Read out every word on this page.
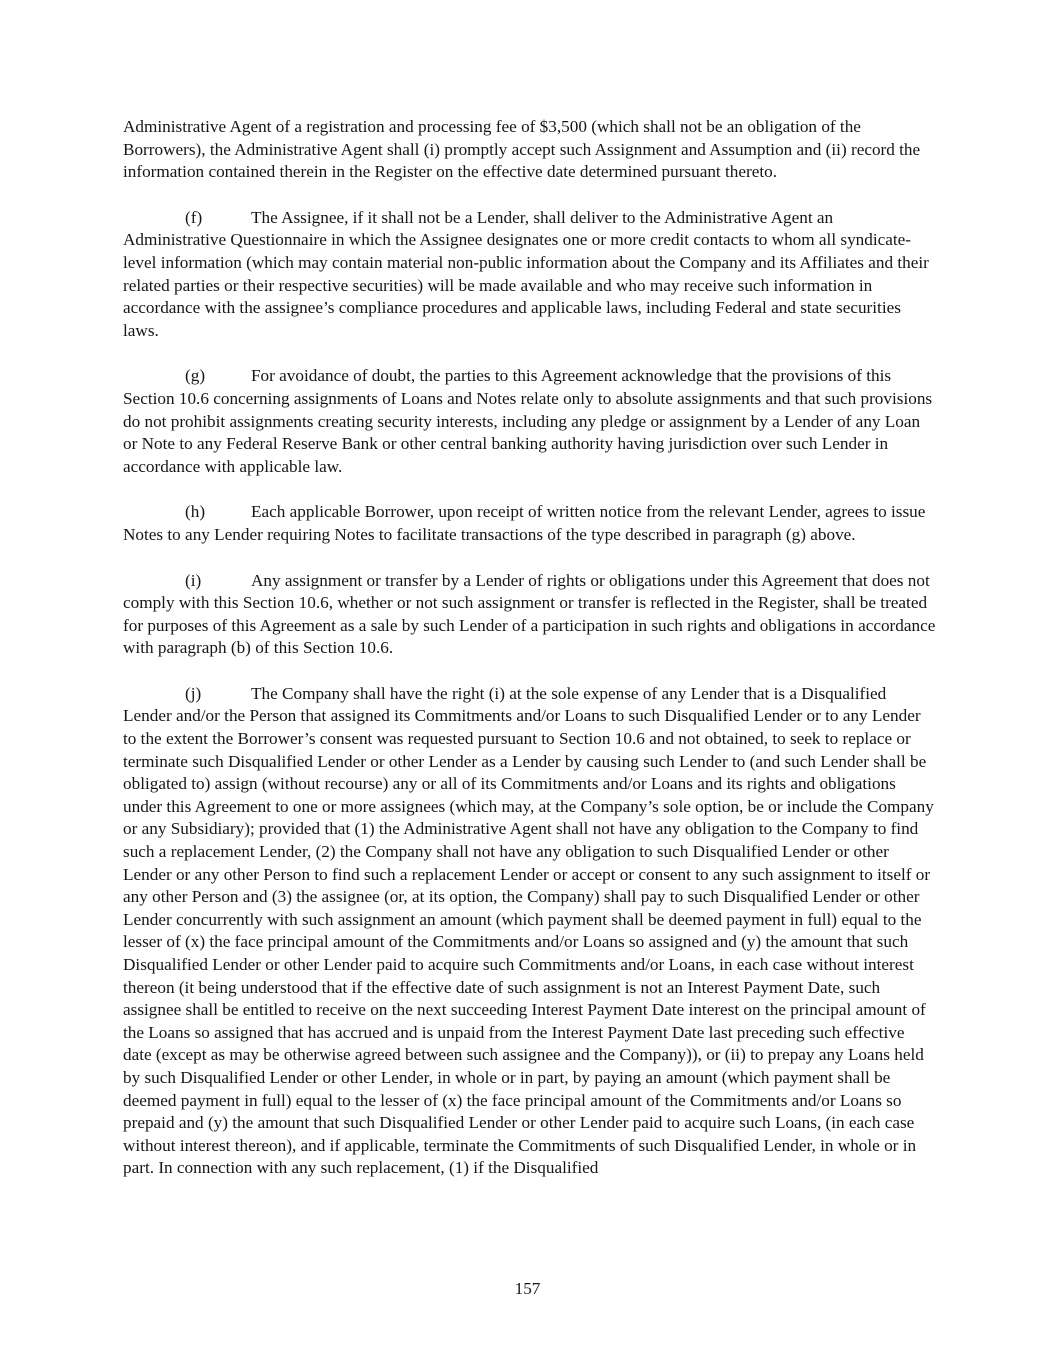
Administrative Agent of a registration and processing fee of $3,500 (which shall not be an obligation of the Borrowers), the Administrative Agent shall (i) promptly accept such Assignment and Assumption and (ii) record the information contained therein in the Register on the effective date determined pursuant thereto.

(f)	The Assignee, if it shall not be a Lender, shall deliver to the Administrative Agent an Administrative Questionnaire in which the Assignee designates one or more credit contacts to whom all syndicate-level information (which may contain material non-public information about the Company and its Affiliates and their related parties or their respective securities) will be made available and who may receive such information in accordance with the assignee’s compliance procedures and applicable laws, including Federal and state securities laws.

(g)	For avoidance of doubt, the parties to this Agreement acknowledge that the provisions of this Section 10.6 concerning assignments of Loans and Notes relate only to absolute assignments and that such provisions do not prohibit assignments creating security interests, including any pledge or assignment by a Lender of any Loan or Note to any Federal Reserve Bank or other central banking authority having jurisdiction over such Lender in accordance with applicable law.

(h)	Each applicable Borrower, upon receipt of written notice from the relevant Lender, agrees to issue Notes to any Lender requiring Notes to facilitate transactions of the type described in paragraph (g) above.

(i)	Any assignment or transfer by a Lender of rights or obligations under this Agreement that does not comply with this Section 10.6, whether or not such assignment or transfer is reflected in the Register, shall be treated for purposes of this Agreement as a sale by such Lender of a participation in such rights and obligations in accordance with paragraph (b) of this Section 10.6.

(j)	The Company shall have the right (i) at the sole expense of any Lender that is a Disqualified Lender and/or the Person that assigned its Commitments and/or Loans to such Disqualified Lender or to any Lender to the extent the Borrower’s consent was requested pursuant to Section 10.6 and not obtained, to seek to replace or terminate such Disqualified Lender or other Lender as a Lender by causing such Lender to (and such Lender shall be obligated to) assign (without recourse) any or all of its Commitments and/or Loans and its rights and obligations under this Agreement to one or more assignees (which may, at the Company’s sole option, be or include the Company or any Subsidiary); provided that (1) the Administrative Agent shall not have any obligation to the Company to find such a replacement Lender, (2) the Company shall not have any obligation to such Disqualified Lender or other Lender or any other Person to find such a replacement Lender or accept or consent to any such assignment to itself or any other Person and (3) the assignee (or, at its option, the Company) shall pay to such Disqualified Lender or other Lender concurrently with such assignment an amount (which payment shall be deemed payment in full) equal to the lesser of (x) the face principal amount of the Commitments and/or Loans so assigned and (y) the amount that such Disqualified Lender or other Lender paid to acquire such Commitments and/or Loans, in each case without interest thereon (it being understood that if the effective date of such assignment is not an Interest Payment Date, such assignee shall be entitled to receive on the next succeeding Interest Payment Date interest on the principal amount of the Loans so assigned that has accrued and is unpaid from the Interest Payment Date last preceding such effective date (except as may be otherwise agreed between such assignee and the Company)), or (ii) to prepay any Loans held by such Disqualified Lender or other Lender, in whole or in part, by paying an amount (which payment shall be deemed payment in full) equal to the lesser of (x) the face principal amount of the Commitments and/or Loans so prepaid and (y) the amount that such Disqualified Lender or other Lender paid to acquire such Loans, (in each case without interest thereon), and if applicable, terminate the Commitments of such Disqualified Lender, in whole or in part. In connection with any such replacement, (1) if the Disqualified

157
